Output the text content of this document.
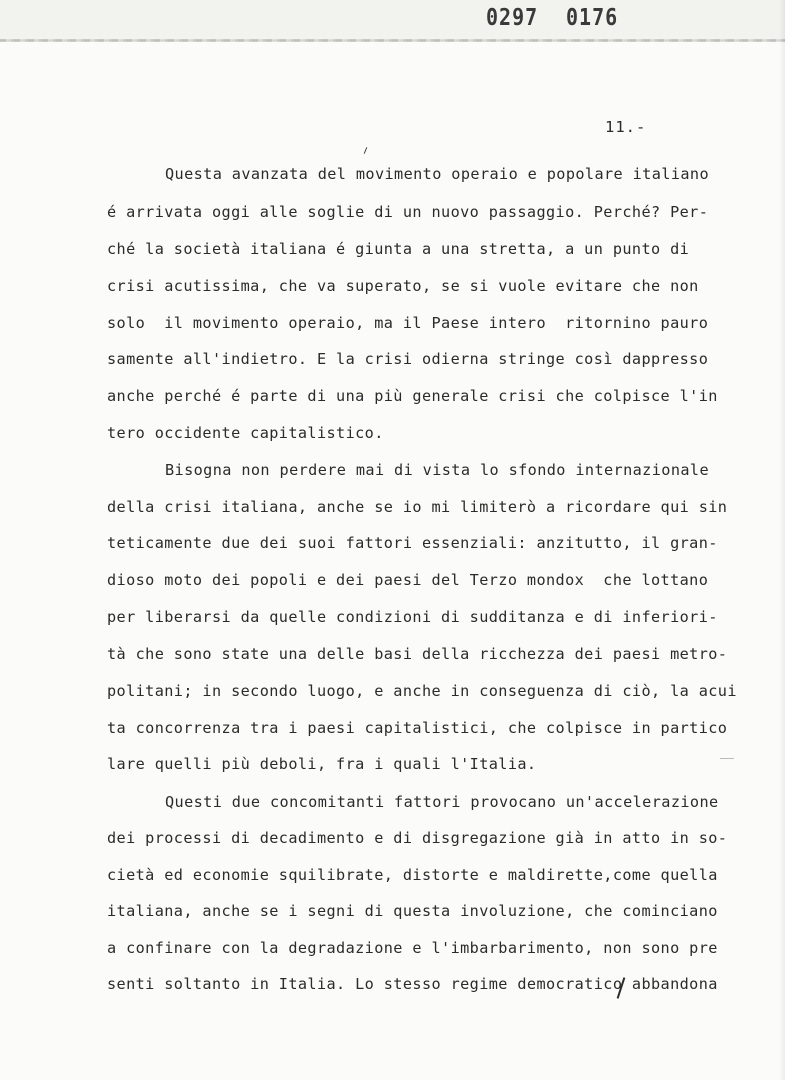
0297 0176
11.-
Questa avanzata del movimento operaio e popolare italiano
é arrivata oggi alle soglie di un nuovo passaggio. Perché? Per-
ché la società italiana é giunta a una stretta, a un punto di
crisi acutissima, che va superato, se si vuole evitare che non
solo  il movimento operaio, ma il Paese intero  ritornino pauro
samente all'indietro. E la crisi odierna stringe così dappresso
anche perché é parte di una più generale crisi che colpisce l'in
tero occidente capitalistico.
Bisogna non perdere mai di vista lo sfondo internazionale
della crisi italiana, anche se io mi limiterò a ricordare qui sin
teticamente due dei suoi fattori essenziali: anzitutto, il gran-
dioso moto dei popoli e dei paesi del Terzo mondox  che lottano
per liberarsi da quelle condizioni di sudditanza e di inferiori-
tà che sono state una delle basi della ricchezza dei paesi metro-
politani; in secondo luogo, e anche in conseguenza di ciò, la acui
ta concorrenza tra i paesi capitalistici, che colpisce in partico
lare quelli più deboli, fra i quali l'Italia.
Questi due concomitanti fattori provocano un'accelerazione
dei processi di decadimento e di disgregazione già in atto in so-
cietà ed economie squilibrate, distorte e maldirette,come quella
italiana, anche se i segni di questa involuzione, che cominciano
a confinare con la degradazione e l'imbarbarimento, non sono pre
senti soltanto in Italia. Lo stesso regime democratico abbandona
